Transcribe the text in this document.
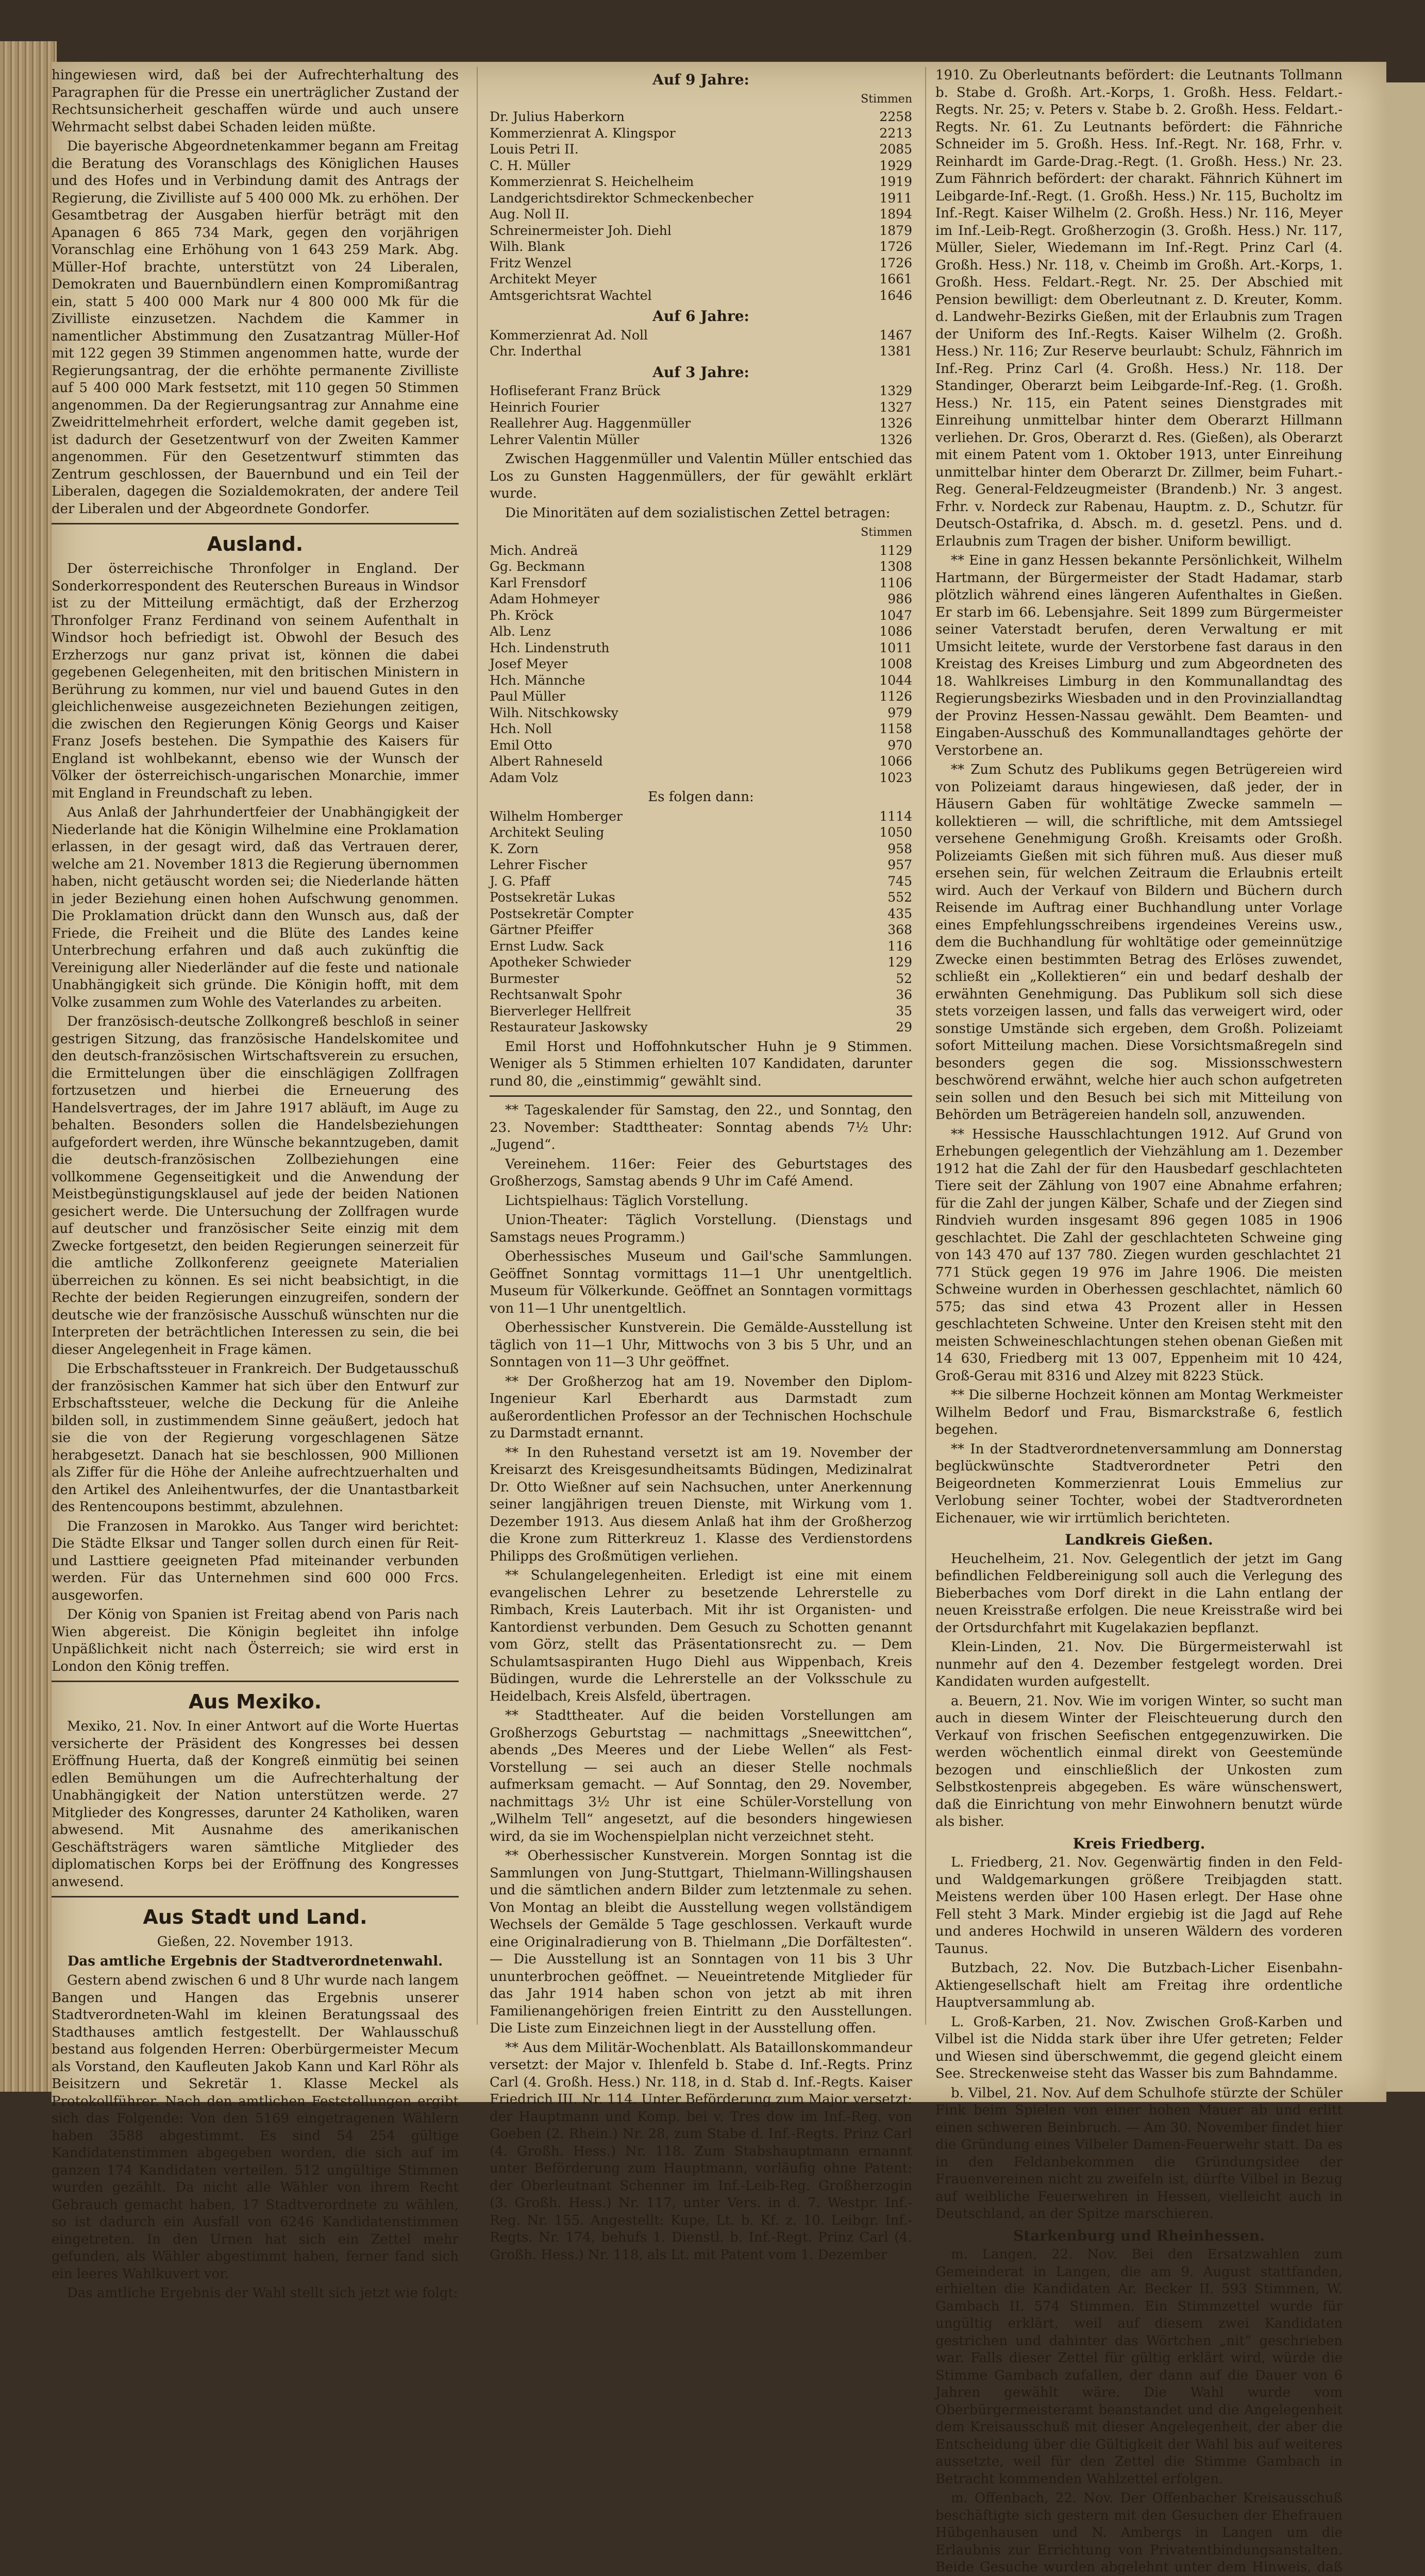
hingewiesen wird, daß bei der Aufrechterhaltung des Paragraphen für die Presse ein unerträglicher Zustand der Rechtsunsicherheit geschaffen würde und auch unsere Wehrmacht selbst dabei Schaden leiden müßte.

Die bayerische Abgeordnetenkammer begann am Freitag die Beratung des Voranschlags des Königlichen Hauses und des Hofes und in Verbindung damit des Antrags der Regierung, die Zivilliste auf 5 400 000 Mk. zu erhöhen. Der Gesamtbetrag der Ausgaben hierfür beträgt mit den Apanagen 6 865 734 Mark, gegen den vorjährigen Voranschlag eine Erhöhung von 1 643 259 Mark. Abg. Müller-Hof brachte, unterstützt von 24 Liberalen, Demokraten und Bauernbündlern einen Kompromißantrag ein, statt 5 400 000 Mark nur 4 800 000 Mk für die Zivilliste einzusetzen. Nachdem die Kammer in namentlicher Abstimmung den Zusatzantrag Müller-Hof mit 122 gegen 39 Stimmen angenommen hatte, wurde der Regierungsantrag, der die erhöhte permanente Zivilliste auf 5 400 000 Mark festsetzt, mit 110 gegen 50 Stimmen angenommen. Da der Regierungsantrag zur Annahme eine Zweidrittelmehrheit erfordert, welche damit gegeben ist, ist dadurch der Gesetzentwurf von der Zweiten Kammer angenommen. Für den Gesetzentwurf stimmten das Zentrum geschlossen, der Bauernbund und ein Teil der Liberalen, dagegen die Sozialdemokraten, der andere Teil der Liberalen und der Abgeordnete Gondorfer.

Ausland.

Der österreichische Thronfolger in England. Der Sonderkorrespondent des Reuterschen Bureaus in Windsor ist zu der Mitteilung ermächtigt, daß der Erzherzog Thronfolger Franz Ferdinand von seinem Aufenthalt in Windsor hoch befriedigt ist. Obwohl der Besuch des Erzherzogs nur ganz privat ist, können die dabei gegebenen Gelegenheiten, mit den britischen Ministern in Berührung zu kommen, nur viel und bauend Gutes in den gleichlichenweise ausgezeichneten Beziehungen zeitigen, die zwischen den Regierungen König Georgs und Kaiser Franz Josefs bestehen. Die Sympathie des Kaisers für England ist wohlbekannt, ebenso wie der Wunsch der Völker der österreichisch-ungarischen Monarchie, immer mit England in Freundschaft zu leben.

Aus Anlaß der Jahrhundertfeier der Unabhängigkeit der Niederlande hat die Königin Wilhelmine eine Proklamation erlassen, in der gesagt wird, daß das Vertrauen derer, welche am 21. November 1813 die Regierung übernommen haben, nicht getäuscht worden sei; die Niederlande hätten in jeder Beziehung einen hohen Aufschwung genommen. Die Proklamation drückt dann den Wunsch aus, daß der Friede, die Freiheit und die Blüte des Landes keine Unterbrechung erfahren und daß auch zukünftig die Vereinigung aller Niederländer auf die feste und nationale Unabhängigkeit sich gründe. Die Königin hofft, mit dem Volke zusammen zum Wohle des Vaterlandes zu arbeiten.

Der französisch-deutsche Zollkongreß beschloß in seiner gestrigen Sitzung, das französische Handelskomitee und den deutsch-französischen Wirtschaftsverein zu ersuchen, die Ermittelungen über die einschlägigen Zollfragen fortzusetzen und hierbei die Erneuerung des Handelsvertrages, der im Jahre 1917 abläuft, im Auge zu behalten. Besonders sollen die Handelsbeziehungen aufgefordert werden, ihre Wünsche bekanntzugeben, damit die deutsch-französischen Zollbeziehungen eine vollkommene Gegenseitigkeit und die Anwendung der Meistbegünstigungsklausel auf jede der beiden Nationen gesichert werde. Die Untersuchung der Zollfragen wurde auf deutscher und französischer Seite einzig mit dem Zwecke fortgesetzt, den beiden Regierungen seinerzeit für die amtliche Zollkonferenz geeignete Materialien überreichen zu können. Es sei nicht beabsichtigt, in die Rechte der beiden Regierungen einzugreifen, sondern der deutsche wie der französische Ausschuß wünschten nur die Interpreten der beträchtlichen Interessen zu sein, die bei dieser Angelegenheit in Frage kämen.

Die Erbschaftssteuer in Frankreich. Der Budgetausschuß der französischen Kammer hat sich über den Entwurf zur Erbschaftssteuer, welche die Deckung für die Anleihe bilden soll, in zustimmendem Sinne geäußert, jedoch hat sie die von der Regierung vorgeschlagenen Sätze herabgesetzt. Danach hat sie beschlossen, 900 Millionen als Ziffer für die Höhe der Anleihe aufrechtzuerhalten und den Artikel des Anleihentwurfes, der die Unantastbarkeit des Rentencoupons bestimmt, abzulehnen.

Die Franzosen in Marokko. Aus Tanger wird berichtet: Die Städte Elksar und Tanger sollen durch einen für Reit- und Lasttiere geeigneten Pfad miteinander verbunden werden. Für das Unternehmen sind 600 000 Frcs. ausgeworfen.

Der König von Spanien ist Freitag abend von Paris nach Wien abgereist. Die Königin begleitet ihn infolge Unpäßlichkeit nicht nach Österreich; sie wird erst in London den König treffen.

Aus Mexiko.

Mexiko, 21. Nov. In einer Antwort auf die Worte Huertas versicherte der Präsident des Kongresses bei dessen Eröffnung Huerta, daß der Kongreß einmütig bei seinen edlen Bemühungen um die Aufrechterhaltung der Unabhängigkeit der Nation unterstützen werde. 27 Mitglieder des Kongresses, darunter 24 Katholiken, waren abwesend. Mit Ausnahme des amerikanischen Geschäftsträgers waren sämtliche Mitglieder des diplomatischen Korps bei der Eröffnung des Kongresses anwesend.

Aus Stadt und Land.

Gießen, 22. November 1913.

Das amtliche Ergebnis der Stadtverordnetenwahl.

Gestern abend zwischen 6 und 8 Uhr wurde nach langem Bangen und Hangen das Ergebnis unserer Stadtverordneten-Wahl im kleinen Beratungssaal des Stadthauses amtlich festgestellt. Der Wahlausschuß bestand aus folgenden Herren: Oberbürgermeister Mecum als Vorstand, den Kaufleuten Jakob Kann und Karl Röhr als Beisitzern und Sekretär 1. Klasse Meckel als Protokollführer. Nach den amtlichen Feststellungen ergibt sich das Folgende: Von den 5169 eingetragenen Wählern haben 3588 abgestimmt. Es sind 54 254 gültige Kandidatenstimmen abgegeben worden, die sich auf im ganzen 174 Kandidaten verteilen. 512 ungültige Stimmen wurden gezählt. Da nicht alle Wähler von ihrem Recht Gebrauch gemacht haben, 17 Stadtverordnete zu wählen, so ist dadurch ein Ausfall von 6246 Kandidatenstimmen eingetreten. In den Urnen hat sich ein Zettel mehr gefunden, als Wähler abgestimmt haben, ferner fand sich ein leeres Wahlkuvert vor.

Das amtliche Ergebnis der Wahl stellt sich jetzt wie folgt:

Auf 9 Jahre:
Stimmen
Dr. Julius Haberkorn	2258
Kommerzienrat A. Klingspor	2213
Louis Petri II.	2085
C. H. Müller	1929
Kommerzienrat S. Heichelheim	1919
Landgerichtsdirektor Schmeckenbecher	1911
Aug. Noll II.	1894
Schreinermeister Joh. Diehl	1879
Wilh. Blank	1726
Fritz Wenzel	1726
Architekt Meyer	1661
Amtsgerichtsrat Wachtel	1646
Auf 6 Jahre:
Kommerzienrat Ad. Noll	1467
Chr. Inderthal	1381
Auf 3 Jahre:
Hofliseferant Franz Brück	1329
Heinrich Fourier	1327
Reallehrer Aug. Haggenmüller	1326
Lehrer Valentin Müller	1326

Zwischen Haggenmüller und Valentin Müller entschied das Los zu Gunsten Haggenmüllers, der für gewählt erklärt wurde.

Die Minoritäten auf dem sozialistischen Zettel betragen:

Stimmen
Mich. Andreä	1129
Gg. Beckmann	1308
Karl Frensdorf	1106
Adam Hohmeyer	986
Ph. Kröck	1047
Alb. Lenz	1086
Hch. Lindenstruth	1011
Josef Meyer	1008
Hch. Männche	1044
Paul Müller	1126
Wilh. Nitschkowsky	979
Hch. Noll	1158
Emil Otto	970
Albert Rahneseld	1066
Adam Volz	1023

Es folgen dann:

Wilhelm Homberger	1114
Architekt Seuling	1050
K. Zorn	958
Lehrer Fischer	957
J. G. Pfaff	745
Postsekretär Lukas	552
Postsekretär Compter	435
Gärtner Pfeiffer	368
Ernst Ludw. Sack	116
Apotheker Schwieder	129
Burmester	52
Rechtsanwalt Spohr	36
Bierverleger Hellfreit	35
Restaurateur Jaskowsky	29

Emil Horst und Hoffohnkutscher Huhn je 9 Stimmen. Weniger als 5 Stimmen erhielten 107 Kandidaten, darunter rund 80, die „einstimmig“ gewählt sind.

** Tageskalender für Samstag, den 22., und Sonntag, den 23. November: Stadttheater: Sonntag abends 7½ Uhr: „Jugend“.

Vereinehem. 116er: Feier des Geburtstages des Großherzogs, Samstag abends 9 Uhr im Café Amend.

Lichtspielhaus: Täglich Vorstellung.

Union-Theater: Täglich Vorstellung. (Dienstags und Samstags neues Programm.)

Oberhessisches Museum und Gail'sche Sammlungen. Geöffnet Sonntag vormittags 11—1 Uhr unentgeltlich. Museum für Völkerkunde. Geöffnet an Sonntagen vormittags von 11—1 Uhr unentgeltlich.

Oberhessischer Kunstverein. Die Gemälde-Ausstellung ist täglich von 11—1 Uhr, Mittwochs von 3 bis 5 Uhr, und an Sonntagen von 11—3 Uhr geöffnet.

** Der Großherzog hat am 19. November den Diplom-Ingenieur Karl Eberhardt aus Darmstadt zum außerordentlichen Professor an der Technischen Hochschule zu Darmstadt ernannt.

** In den Ruhestand versetzt ist am 19. November der Kreisarzt des Kreisgesundheitsamts Büdingen, Medizinalrat Dr. Otto Wießner auf sein Nachsuchen, unter Anerkennung seiner langjährigen treuen Dienste, mit Wirkung vom 1. Dezember 1913. Aus diesem Anlaß hat ihm der Großherzog die Krone zum Ritterkreuz 1. Klasse des Verdienstordens Philipps des Großmütigen verliehen.

** Schulangelegenheiten. Erledigt ist eine mit einem evangelischen Lehrer zu besetzende Lehrerstelle zu Rimbach, Kreis Lauterbach. Mit ihr ist Organisten- und Kantordienst verbunden. Dem Gesuch zu Schotten genannt vom Görz, stellt das Präsentationsrecht zu. — Dem Schulamtsaspiranten Hugo Diehl aus Wippenbach, Kreis Büdingen, wurde die Lehrerstelle an der Volksschule zu Heidelbach, Kreis Alsfeld, übertragen.

** Stadttheater. Auf die beiden Vorstellungen am Großherzogs Geburtstag — nachmittags „Sneewittchen“, abends „Des Meeres und der Liebe Wellen“ als Fest-Vorstellung — sei auch an dieser Stelle nochmals aufmerksam gemacht. — Auf Sonntag, den 29. November, nachmittags 3½ Uhr ist eine Schüler-Vorstellung von „Wilhelm Tell“ angesetzt, auf die besonders hingewiesen wird, da sie im Wochenspielplan nicht verzeichnet steht.

** Oberhessischer Kunstverein. Morgen Sonntag ist die Sammlungen von Jung-Stuttgart, Thielmann-Willingshausen und die sämtlichen andern Bilder zum letztenmale zu sehen. Von Montag an bleibt die Ausstellung wegen vollständigem Wechsels der Gemälde 5 Tage geschlossen. Verkauft wurde eine Originalradierung von B. Thielmann „Die Dorfältesten“. — Die Ausstellung ist an Sonntagen von 11 bis 3 Uhr ununterbrochen geöffnet. — Neueintretende Mitglieder für das Jahr 1914 haben schon von jetzt ab mit ihren Familienangehörigen freien Eintritt zu den Ausstellungen. Die Liste zum Einzeichnen liegt in der Ausstellung offen.

** Aus dem Militär-Wochenblatt. Als Bataillonskommandeur versetzt: der Major v. Ihlenfeld b. Stabe d. Inf.-Regts. Prinz Carl (4. Großh. Hess.) Nr. 118, in d. Stab d. Inf.-Regts. Kaiser Friedrich III. Nr. 114. Unter Beförderung zum Major versetzt: der Hauptmann und Komp. bei v. Tres dow im Inf.-Reg. von Goeben (2. Rhein.) Nr. 28, zum Stabe d. Inf.-Regts. Prinz Carl (4. Großh. Hess.) Nr. 118. Zum Stabshauptmann ernannt unter Beförderung zum Hauptmann, vorläufig ohne Patent: der Oberleutnant Schenner im Inf.-Leib-Reg. Großherzogin (3. Großh. Hess.) Nr. 117, unter Vers. in d. 7. Westpr. Inf.-Reg. Nr. 155. Angestellt: Kupe, Lt. b. Kf. z. 10. Leibgr. Inf.-Regts. Nr. 174, behufs 1. Dienstl. b. Inf.-Regt. Prinz Carl (4. Großh. Hess.) Nr. 118, als Lt. mit Patent vom 1. Dezember

1910. Zu Oberleutnants befördert: die Leutnants Tollmann b. Stabe d. Großh. Art.-Korps, 1. Großh. Hess. Feldart.-Regts. Nr. 25; v. Peters v. Stabe b. 2. Großh. Hess. Feldart.-Regts. Nr. 61. Zu Leutnants befördert: die Fähnriche Schneider im 5. Großh. Hess. Inf.-Regt. Nr. 168, Frhr. v. Reinhardt im Garde-Drag.-Regt. (1. Großh. Hess.) Nr. 23. Zum Fähnrich befördert: der charakt. Fähnrich Kühnert im Leibgarde-Inf.-Regt. (1. Großh. Hess.) Nr. 115, Bucholtz im Inf.-Regt. Kaiser Wilhelm (2. Großh. Hess.) Nr. 116, Meyer im Inf.-Leib-Regt. Großherzogin (3. Großh. Hess.) Nr. 117, Müller, Sieler, Wiedemann im Inf.-Regt. Prinz Carl (4. Großh. Hess.) Nr. 118, v. Cheimb im Großh. Art.-Korps, 1. Großh. Hess. Feldart.-Regt. Nr. 25. Der Abschied mit Pension bewilligt: dem Oberleutnant z. D. Kreuter, Komm. d. Landwehr-Bezirks Gießen, mit der Erlaubnis zum Tragen der Uniform des Inf.-Regts. Kaiser Wilhelm (2. Großh. Hess.) Nr. 116; Zur Reserve beurlaubt: Schulz, Fähnrich im Inf.-Reg. Prinz Carl (4. Großh. Hess.) Nr. 118. Der Standinger, Oberarzt beim Leibgarde-Inf.-Reg. (1. Großh. Hess.) Nr. 115, ein Patent seines Dienstgrades mit Einreihung unmittelbar hinter dem Oberarzt Hillmann verliehen. Dr. Gros, Oberarzt d. Res. (Gießen), als Oberarzt mit einem Patent vom 1. Oktober 1913, unter Einreihung unmittelbar hinter dem Oberarzt Dr. Zillmer, beim Fuhart.-Reg. General-Feldzeugmeister (Brandenb.) Nr. 3 angest. Frhr. v. Nordeck zur Rabenau, Hauptm. z. D., Schutzr. für Deutsch-Ostafrika, d. Absch. m. d. gesetzl. Pens. und d. Erlaubnis zum Tragen der bisher. Uniform bewilligt.

** Eine in ganz Hessen bekannte Persönlichkeit, Wilhelm Hartmann, der Bürgermeister der Stadt Hadamar, starb plötzlich während eines längeren Aufenthaltes in Gießen. Er starb im 66. Lebensjahre. Seit 1899 zum Bürgermeister seiner Vaterstadt berufen, deren Verwaltung er mit Umsicht leitete, wurde der Verstorbene fast daraus in den Kreistag des Kreises Limburg und zum Abgeordneten des 18. Wahlkreises Limburg in den Kommunallandtag des Regierungsbezirks Wiesbaden und in den Provinziallandtag der Provinz Hessen-Nassau gewählt. Dem Beamten- und Eingaben-Ausschuß des Kommunallandtages gehörte der Verstorbene an.

** Zum Schutz des Publikums gegen Betrügereien wird von Polizeiamt daraus hingewiesen, daß jeder, der in Häusern Gaben für wohltätige Zwecke sammeln — kollektieren — will, die schriftliche, mit dem Amtssiegel versehene Genehmigung Großh. Kreisamts oder Großh. Polizeiamts Gießen mit sich führen muß. Aus dieser muß ersehen sein, für welchen Zeitraum die Erlaubnis erteilt wird. Auch der Verkauf von Bildern und Büchern durch Reisende im Auftrag einer Buchhandlung unter Vorlage eines Empfehlungsschreibens irgendeines Vereins usw., dem die Buchhandlung für wohltätige oder gemeinnützige Zwecke einen bestimmten Betrag des Erlöses zuwendet, schließt ein „Kollektieren“ ein und bedarf deshalb der erwähnten Genehmigung. Das Publikum soll sich diese stets vorzeigen lassen, und falls das verweigert wird, oder sonstige Umstände sich ergeben, dem Großh. Polizeiamt sofort Mitteilung machen. Diese Vorsichtsmaßregeln sind besonders gegen die sog. Missionsschwestern beschwörend erwähnt, welche hier auch schon aufgetreten sein sollen und den Besuch bei sich mit Mitteilung von Behörden um Beträgereien handeln soll, anzuwenden.

** Hessische Hausschlachtungen 1912. Auf Grund von Erhebungen gelegentlich der Viehzählung am 1. Dezember 1912 hat die Zahl der für den Hausbedarf geschlachteten Tiere seit der Zählung von 1907 eine Abnahme erfahren; für die Zahl der jungen Kälber, Schafe und der Ziegen sind Rindvieh wurden insgesamt 896 gegen 1085 in 1906 geschlachtet. Die Zahl der geschlachteten Schweine ging von 143 470 auf 137 780. Ziegen wurden geschlachtet 21 771 Stück gegen 19 976 im Jahre 1906. Die meisten Schweine wurden in Oberhessen geschlachtet, nämlich 60 575; das sind etwa 43 Prozent aller in Hessen geschlachteten Schweine. Unter den Kreisen steht mit den meisten Schweineschlachtungen stehen obenan Gießen mit 14 630, Friedberg mit 13 007, Eppenheim mit 10 424, Groß-Gerau mit 8316 und Alzey mit 8223 Stück.

** Die silberne Hochzeit können am Montag Werkmeister Wilhelm Bedorf und Frau, Bismarckstraße 6, festlich begehen.

** In der Stadtverordnetenversammlung am Donnerstag beglückwünschte Stadtverordneter Petri den Beigeordneten Kommerzienrat Louis Emmelius zur Verlobung seiner Tochter, wobei der Stadtverordneten Eichenauer, wie wir irrtümlich berichteten.

Landkreis Gießen.

Heuchelheim, 21. Nov. Gelegentlich der jetzt im Gang befindlichen Feldbereinigung soll auch die Verlegung des Bieberbaches vom Dorf direkt in die Lahn entlang der neuen Kreisstraße erfolgen. Die neue Kreisstraße wird bei der Ortsdurchfahrt mit Kugelakazien bepflanzt.

Klein-Linden, 21. Nov. Die Bürgermeisterwahl ist nunmehr auf den 4. Dezember festgelegt worden. Drei Kandidaten wurden aufgestellt.

a. Beuern, 21. Nov. Wie im vorigen Winter, so sucht man auch in diesem Winter der Fleischteuerung durch den Verkauf von frischen Seefischen entgegenzuwirken. Die werden wöchentlich einmal direkt von Geestemünde bezogen und einschließlich der Unkosten zum Selbstkostenpreis abgegeben. Es wäre wünschenswert, daß die Einrichtung von mehr Einwohnern benutzt würde als bisher.

Kreis Friedberg.

L. Friedberg, 21. Nov. Gegenwärtig finden in den Feld- und Waldgemarkungen größere Treibjagden statt. Meistens werden über 100 Hasen erlegt. Der Hase ohne Fell steht 3 Mark. Minder ergiebig ist die Jagd auf Rehe und anderes Hochwild in unseren Wäldern des vorderen Taunus.

Butzbach, 22. Nov. Die Butzbach-Licher Eisenbahn-Aktiengesellschaft hielt am Freitag ihre ordentliche Hauptversammlung ab.

L. Groß-Karben, 21. Nov. Zwischen Groß-Karben und Vilbel ist die Nidda stark über ihre Ufer getreten; Felder und Wiesen sind überschwemmt, die gegend gleicht einem See. Streckenweise steht das Wasser bis zum Bahndamme.

b. Vilbel, 21. Nov. Auf dem Schulhofe stürzte der Schüler Fink beim Spielen von einer hohen Mauer ab und erlitt einen schweren Beinbruch. — Am 30. November findet hier die Gründung eines Vilbeler Damen-Feuerwehr statt. Da es in den Feldanbekommen die Gründungsidee der Frauenvereinen nicht zu zweifeln ist, dürfte Vilbel in Bezug auf weibliche Feuerwehren in Hessen, vielleicht auch in Deutschland, an der Spitze marschieren.

Starkenburg und Rheinhessen.

m. Langen, 22. Nov. Bei den Ersatzwahlen zum Gemeinderat in Langen, die am 9. August stattfanden, erhielten die Kandidaten Ar. Becker II. 593 Stimmen, W. Gambach II. 574 Stimmen. Ein Stimmzettel wurde für ungültig erklärt, weil auf diesem zwei Kandidaten gestrichen und dahinter das Wörtchen „nit“ geschrieben war. Falls dieser Zettel für gültig erklärt wird, würde die Stimme Gambach zufallen, der dann auf die Dauer von 6 Jahren gewählt wäre. Die Wahl wurde vom Oberbürgermeisteramt beanstandet und die Angelegenheit dem Kreisausschuß mit dieser Angelegenheit, der aber die Entscheidung über die Gültigkeit der Wahl bis auf weiteres aussetzte, weil für den Zettel die Stimme Gambach in Betracht kommenden Wahlzettel erfolgen.

m. Offenbach, 22. Nov. Der Offenbacher Kreisausschuß beschäftigte sich gestern mit den Gesuchen der Ehefrauen Hübgenhausen und N. Ambergs in Langen um die Erlaubnis zur Errichtung von Privatentbindungsanstalten. Beide Gesuche wurden abgelehnt unter dem Hinweis, daß
